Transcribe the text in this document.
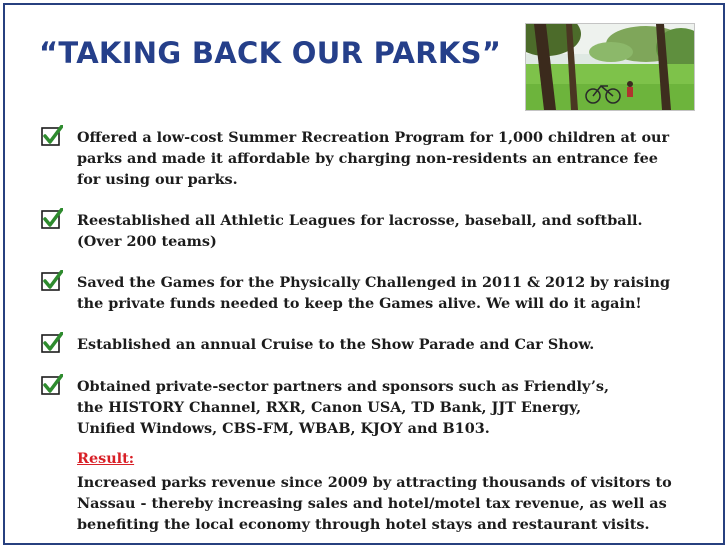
“TAKING BACK OUR PARKS”
Offered a low-cost Summer Recreation Program for 1,000 children at our
parks and made it affordable by charging non-residents an entrance fee
for using our parks.
Reestablished all Athletic Leagues for lacrosse, baseball, and softball.
(Over 200 teams)
Saved the Games for the Physically Challenged in 2011 & 2012 by raising
the private funds needed to keep the Games alive. We will do it again!
Established an annual Cruise to the Show Parade and Car Show.
Obtained private-sector partners and sponsors such as Friendly’s,
the HISTORY Channel, RXR, Canon USA, TD Bank, JJT Energy,
Unified Windows, CBS-FM, WBAB, KJOY and B103.
Result:
Increased parks revenue since 2009 by attracting thousands of visitors to
Nassau - thereby increasing sales and hotel/motel tax revenue, as well as
benefiting the local economy through hotel stays and restaurant visits.
